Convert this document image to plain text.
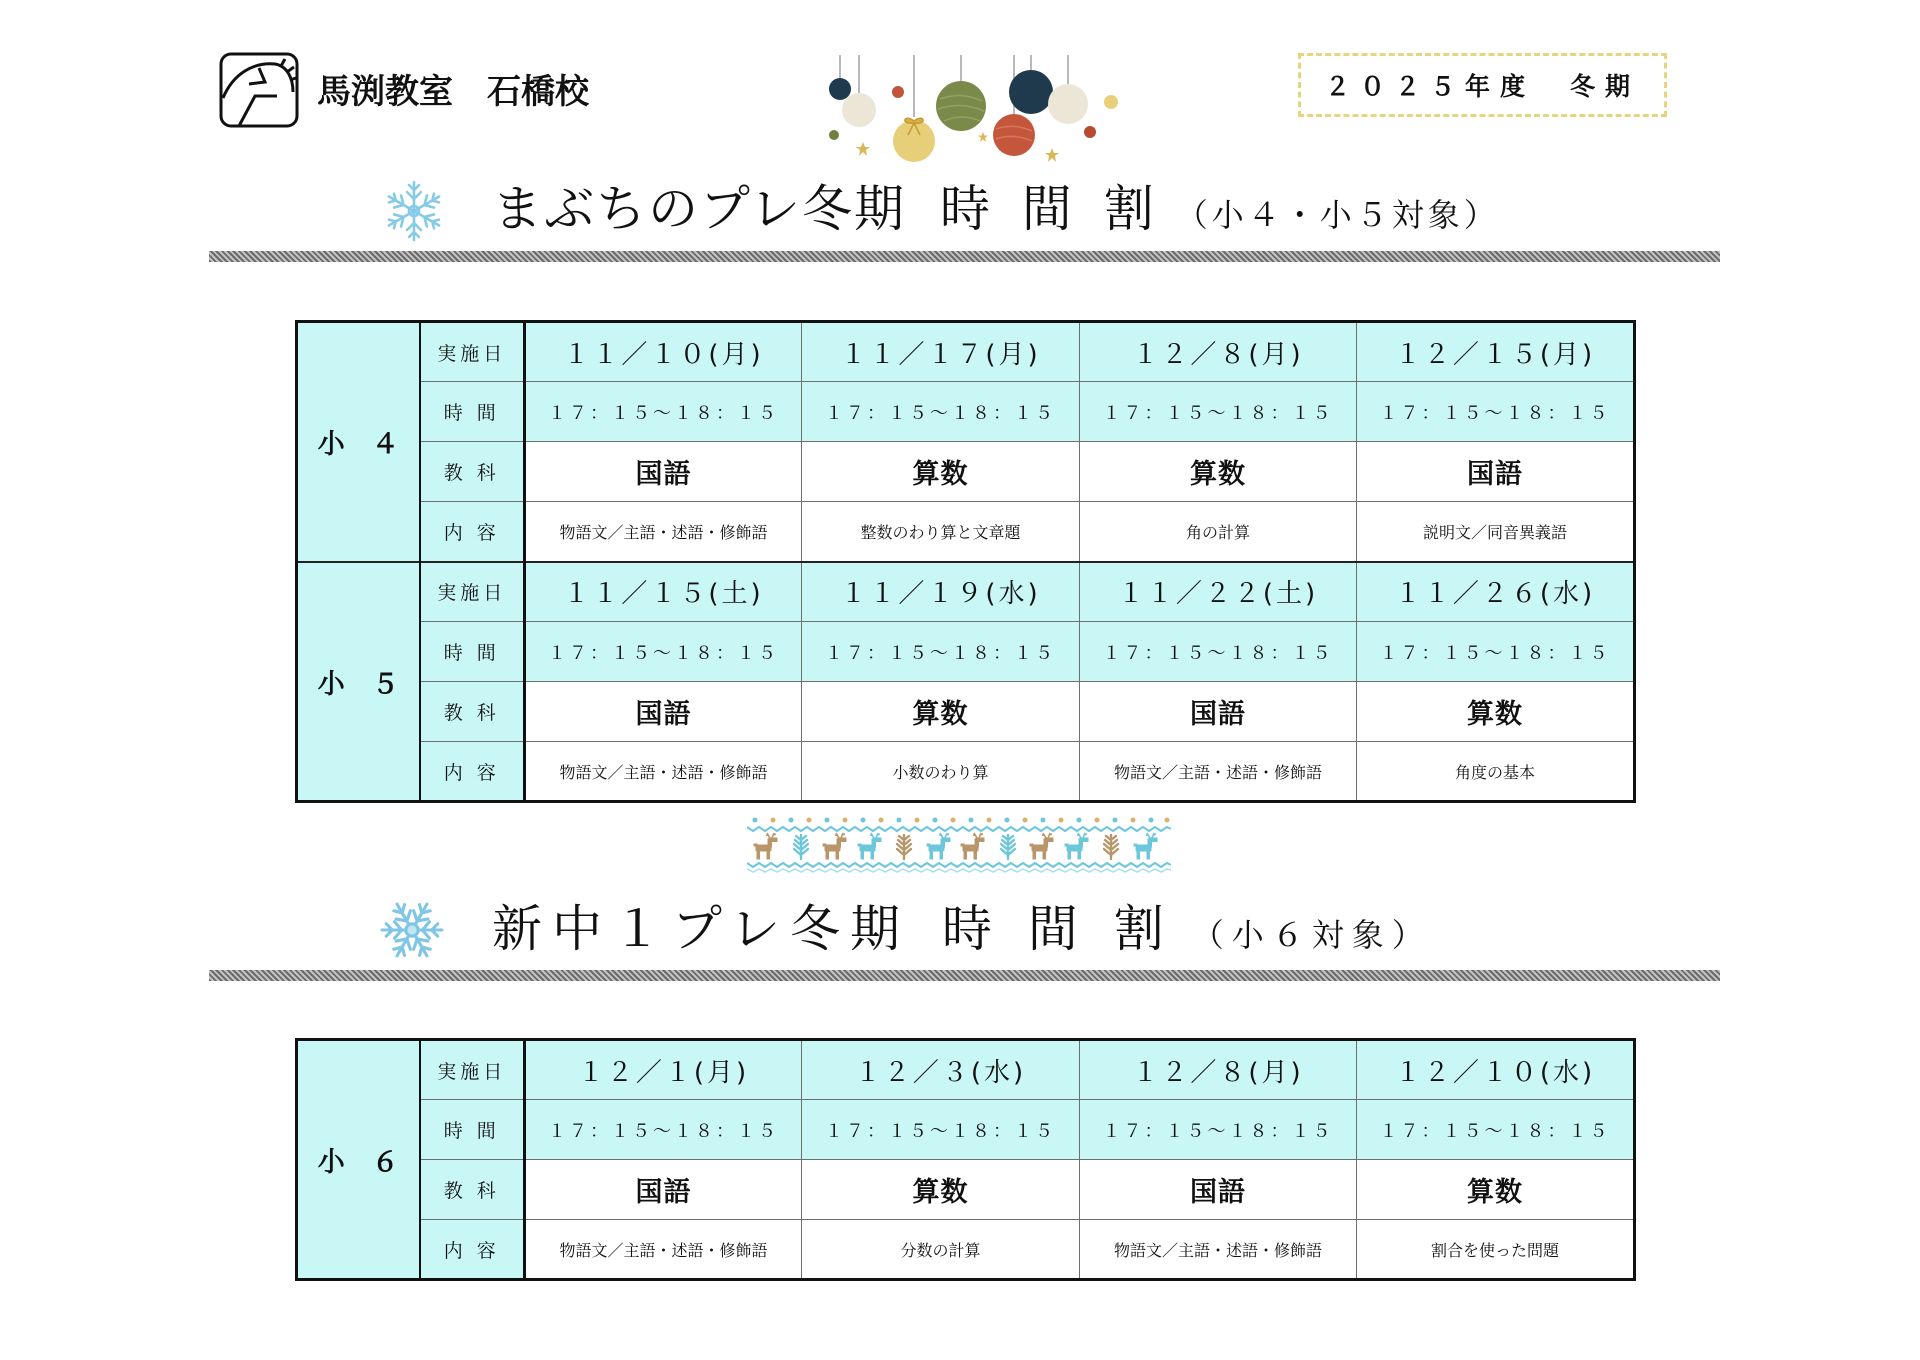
馬渕教室　石橋校	２０２５年度　冬期
まぶちのプレ冬期 時 間 割 （小４・小５対象）
小　４	実施日	１１／１０(月)	１１／１７(月)	１２／８(月)	１２／１５(月)
	時 間	１７：１５～１８：１５	１７：１５～１８：１５	１７：１５～１８：１５	１７：１５～１８：１５
	教 科	国語	算数	算数	国語
	内 容	物語文／主語・述語・修飾語	整数のわり算と文章題	角の計算	説明文／同音異義語
小　５	実施日	１１／１５(土)	１１／１９(水)	１１／２２(土)	１１／２６(水)
	時 間	１７：１５～１８：１５	１７：１５～１８：１５	１７：１５～１８：１５	１７：１５～１８：１５
	教 科	国語	算数	国語	算数
	内 容	物語文／主語・述語・修飾語	小数のわり算	物語文／主語・述語・修飾語	角度の基本
新中１プレ冬期 時 間 割 （小６対象）
小　６	実施日	１２／１(月)	１２／３(水)	１２／８(月)	１２／１０(水)
	時 間	１７：１５～１８：１５	１７：１５～１８：１５	１７：１５～１８：１５	１７：１５～１８：１５
	教 科	国語	算数	国語	算数
	内 容	物語文／主語・述語・修飾語	分数の計算	物語文／主語・述語・修飾語	割合を使った問題
